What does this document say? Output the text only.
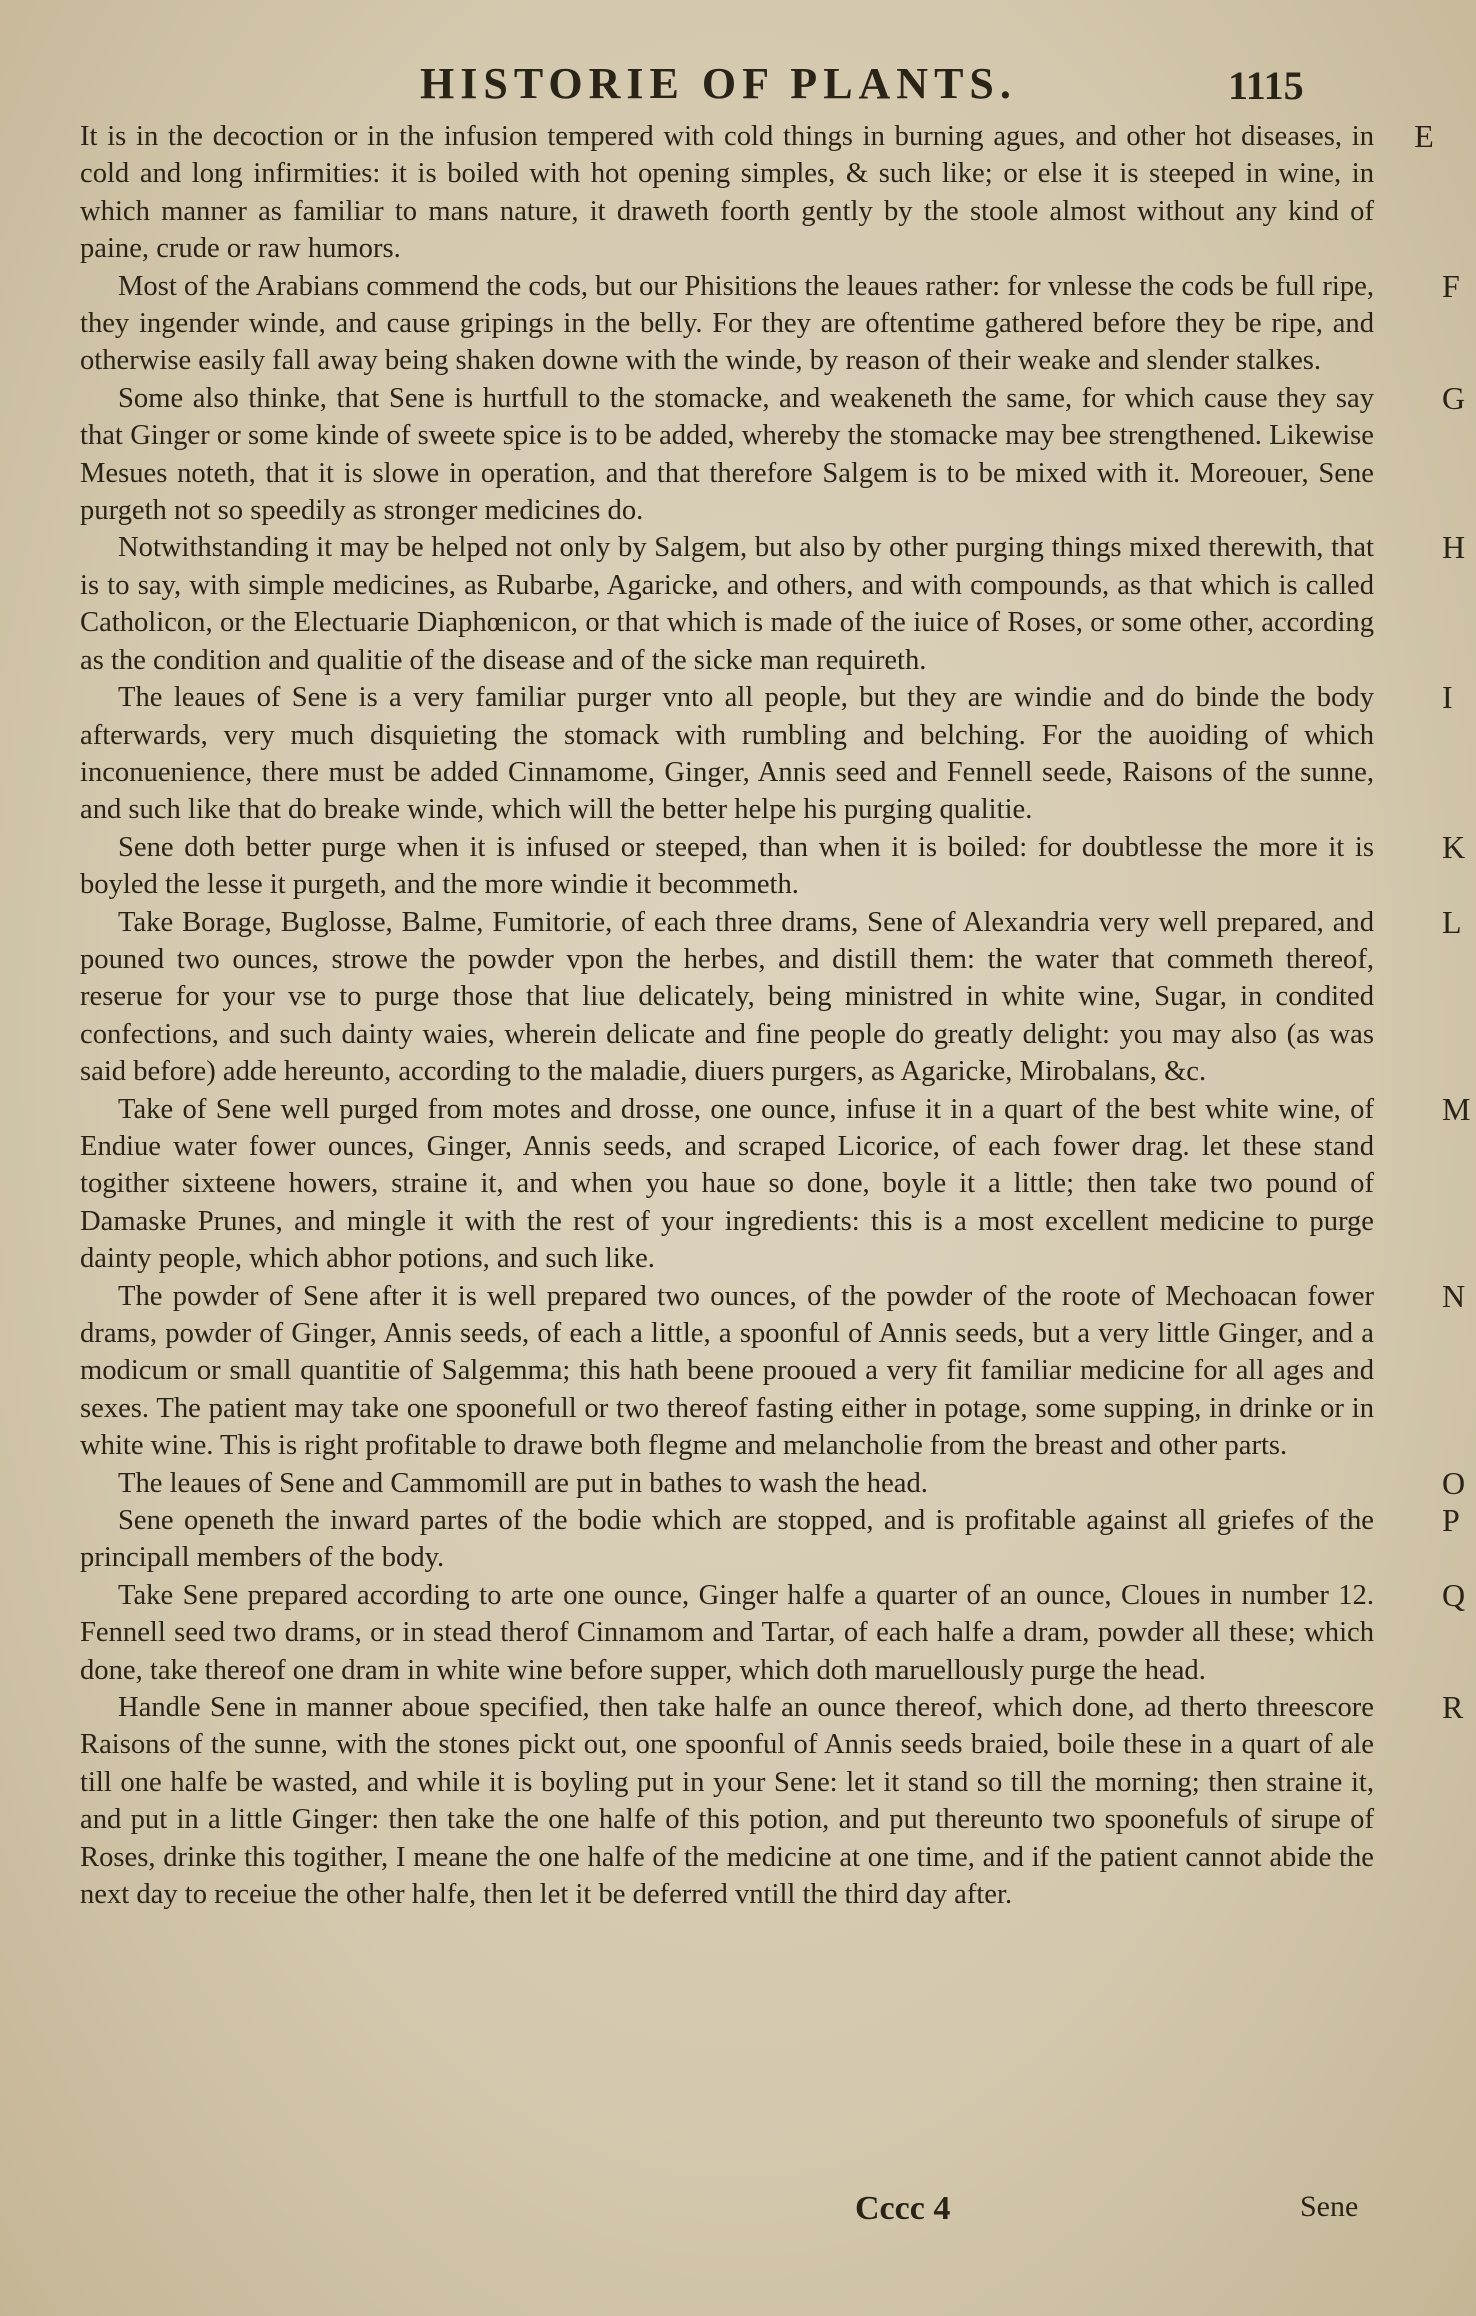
HISTORIE OF PLANTS.	1115

It is in the decoction or in the infusion tempered with cold things in burning agues, and other hot diseases, in cold and long infirmities: it is boiled with hot opening simples, & such like; or else it is steeped in wine, in which manner as familiar to mans nature, it draweth foorth gently by the stoole almost without any kind of paine, crude or raw humors.
E

Most of the Arabians commend the cods, but our Phisitions the leaues rather: for vnlesse the cods be full ripe, they ingender winde, and cause gripings in the belly. For they are oftentime gathered before they be ripe, and otherwise easily fall away being shaken downe with the winde, by reason of their weake and slender stalkes.
F

Some also thinke, that Sene is hurtfull to the stomacke, and weakeneth the same, for which cause they say that Ginger or some kinde of sweete spice is to be added, whereby the stomacke may bee strengthened. Likewise Mesues noteth, that it is slowe in operation, and that therefore Salgem is to be mixed with it. Moreouer, Sene purgeth not so speedily as stronger medicines do.
G

Notwithstanding it may be helped not only by Salgem, but also by other purging things mixed therewith, that is to say, with simple medicines, as Rubarbe, Agaricke, and others, and with compounds, as that which is called Catholicon, or the Electuarie Diaphœnicon, or that which is made of the iuice of Roses, or some other, according as the condition and qualitie of the disease and of the sicke man requireth.
H

The leaues of Sene is a very familiar purger vnto all people, but they are windie and do binde the body afterwards, very much disquieting the stomack with rumbling and belching. For the auoiding of which inconuenience, there must be added Cinnamome, Ginger, Annis seed and Fennell seede, Raisons of the sunne, and such like that do breake winde, which will the better helpe his purging qualitie.
I

Sene doth better purge when it is infused or steeped, than when it is boiled: for doubtlesse the more it is boyled the lesse it purgeth, and the more windie it becommeth.
K

Take Borage, Buglosse, Balme, Fumitorie, of each three drams, Sene of Alexandria very well prepared, and pouned two ounces, strowe the powder vpon the herbes, and distill them: the water that commeth thereof, reserue for your vse to purge those that liue delicately, being ministred in white wine, Sugar, in condited confections, and such dainty waies, wherein delicate and fine people do greatly delight: you may also (as was said before) adde hereunto, according to the maladie, diuers purgers, as Agaricke, Mirobalans, &c.
L

Take of Sene well purged from motes and drosse, one ounce, infuse it in a quart of the best white wine, of Endiue water fower ounces, Ginger, Annis seeds, and scraped Licorice, of each fower drag. let these stand togither sixteene howers, straine it, and when you haue so done, boyle it a little; then take two pound of Damaske Prunes, and mingle it with the rest of your ingredients: this is a most excellent medicine to purge dainty people, which abhor potions, and such like.
M

The powder of Sene after it is well prepared two ounces, of the powder of the roote of Mechoacan fower drams, powder of Ginger, Annis seeds, of each a little, a spoonful of Annis seeds, but a very little Ginger, and a modicum or small quantitie of Salgemma; this hath beene prooued a very fit familiar medicine for all ages and sexes. The patient may take one spoonefull or two thereof fasting either in potage, some supping, in drinke or in white wine. This is right profitable to drawe both flegme and melancholie from the breast and other parts.
N

The leaues of Sene and Cammomill are put in bathes to wash the head.	O

Sene openeth the inward partes of the bodie which are stopped, and is profitable against all griefes of the principall members of the body.
P

Take Sene prepared according to arte one ounce, Ginger halfe a quarter of an ounce, Cloues in number 12. Fennell seed two drams, or in stead therof Cinnamom and Tartar, of each halfe a dram, powder all these; which done, take thereof one dram in white wine before supper, which doth maruellously purge the head.
Q

Handle Sene in manner aboue specified, then take halfe an ounce thereof, which done, ad therto threescore Raisons of the sunne, with the stones pickt out, one spoonful of Annis seeds braied, boile these in a quart of ale till one halfe be wasted, and while it is boyling put in your Sene: let it stand so till the morning; then straine it, and put in a little Ginger: then take the one halfe of this potion, and put thereunto two spoonefuls of sirupe of Roses, drinke this togither, I meane the one halfe of the medicine at one time, and if the patient cannot abide the next day to receiue the other halfe, then let it be deferred vntill the third day after.
R

Cccc 4	Sene
